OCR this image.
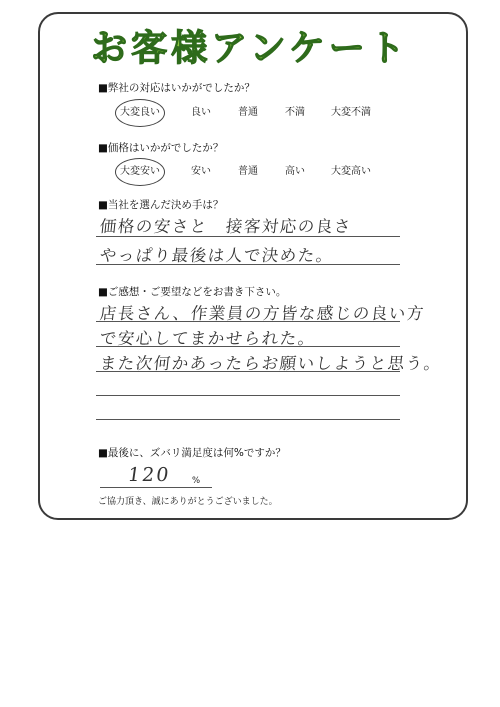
お客様アンケート
■弊社の対応はいかがでしたか？
大変良い	良い	普通	不満	大変不満
■価格はいかがでしたか？
大変安い	安い	普通	高い	大変高い
■当社を選んだ決め手は？
価格の安さと　接客対応の良さ
やっぱり最後は人で決めた。
■ご感想・ご要望などをお書き下さい。
店長さん、作業員の方皆な感じの良い方
で安心してまかせられた。
また次何かあったらお願いしようと思う。
■最後に、ズバリ満足度は何%ですか？
120 %
ご協力頂き、誠にありがとうございました。
